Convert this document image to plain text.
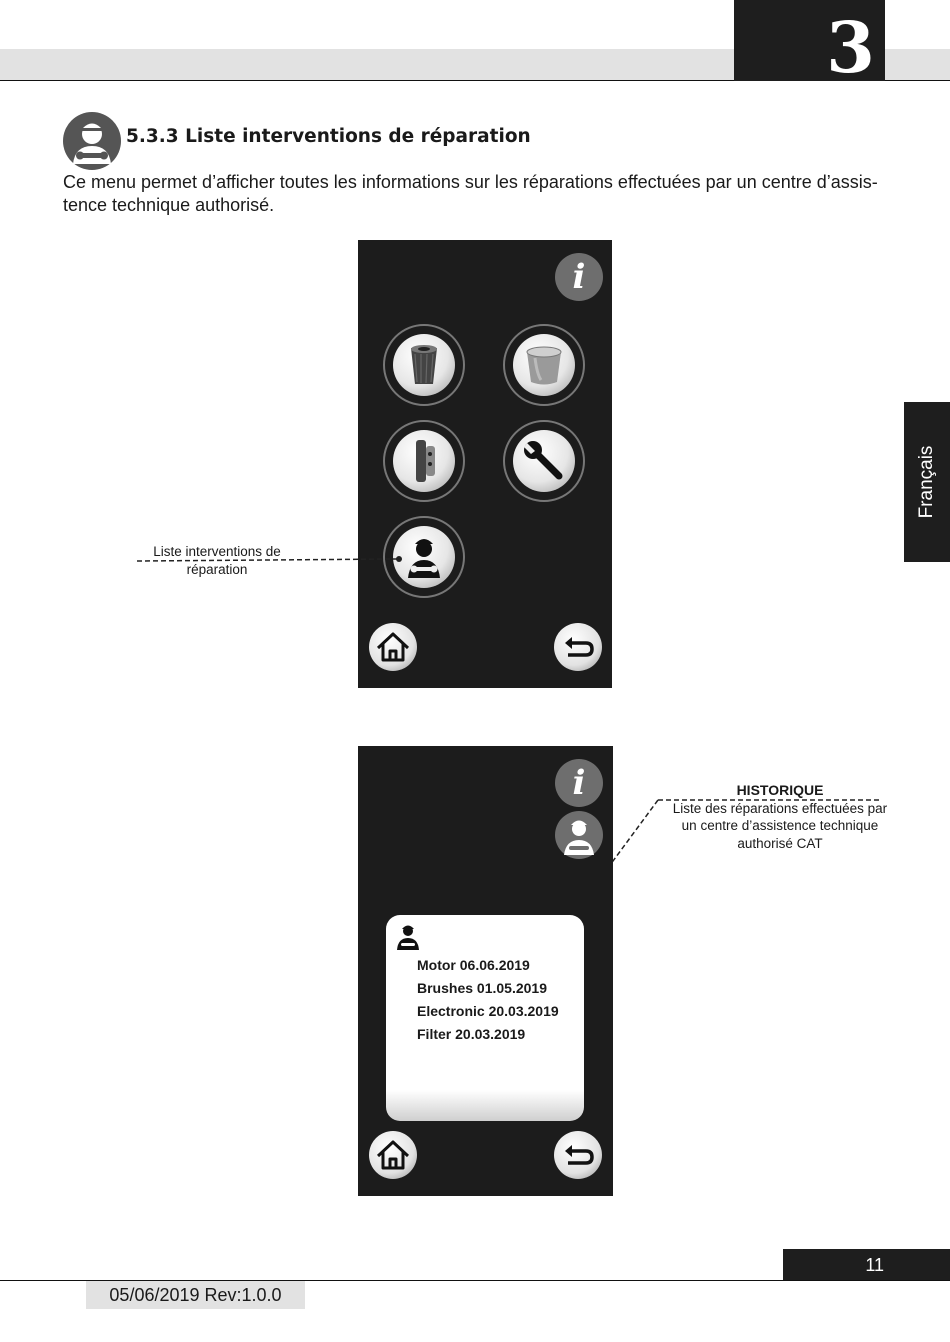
3
Français
5.3.3 Liste interventions de réparation
Ce menu permet d’afficher toutes les informations sur les réparations effectuées par un centre d’assis-
tence technique authorisé.
i
Liste interventions de
réparation
i
Motor 06.06.2019
Brushes 01.05.2019
Electronic 20.03.2019
Filter 20.03.2019
HISTORIQUE
Liste des réparations effectuées par
un centre d’assistence technique
authorisé CAT
11
05/06/2019 Rev:1.0.0
